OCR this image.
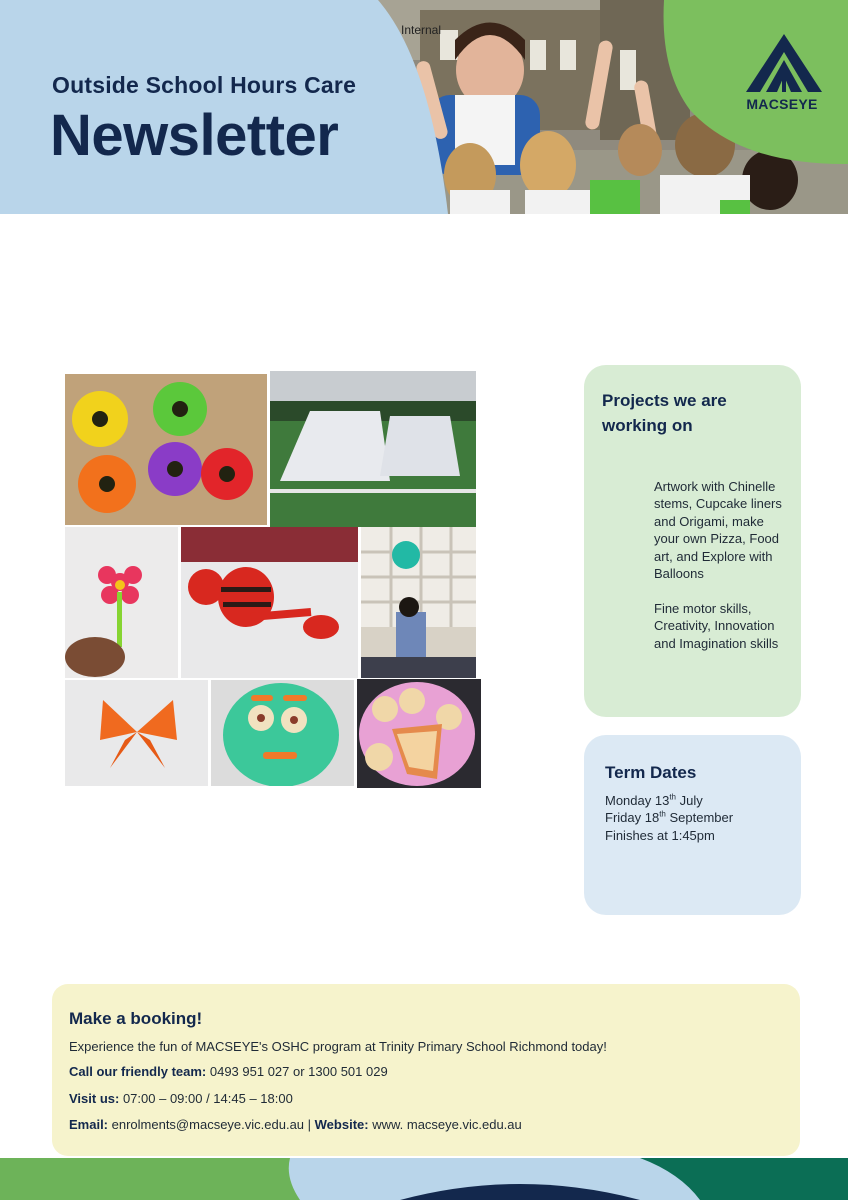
Internal
Outside School Hours Care
Newsletter	MACSEYE
Projects we are working on

Artwork with Chinelle stems, Cupcake liners and Origami, make your own Pizza, Food art, and Explore with Balloons

Fine motor skills, Creativity, Innovation and Imagination skills

Term Dates
Monday 13th July
Friday 18th September
Finishes at 1:45pm
Make a booking!
Experience the fun of MACSEYE's OSHC program at Trinity Primary School Richmond today!
Call our friendly team: 0493 951 027 or 1300 501 029
Visit us: 07:00 – 09:00 / 14:45 – 18:00
Email: enrolments@macseye.vic.edu.au | Website: www. macseye.vic.edu.au
